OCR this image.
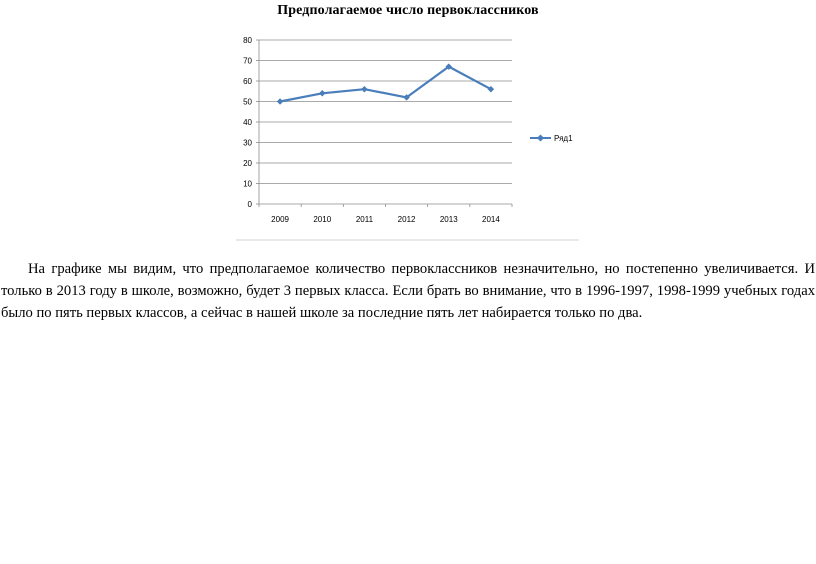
Предполагаемое число первоклассников
0
10
20
30
40
50
60
70
80
2009	2010	2011	2012	2013	2014
Ряд1

На графике мы видим, что предполагаемое количество первоклассников незначительно, но постепенно увеличивается. И только в 2013 году в школе, возможно, будет 3 первых класса. Если брать во внимание, что в 1996-1997, 1998-1999 учебных годах было по пять первых классов, а сейчас в нашей школе за последние пять лет набирается только по два.
